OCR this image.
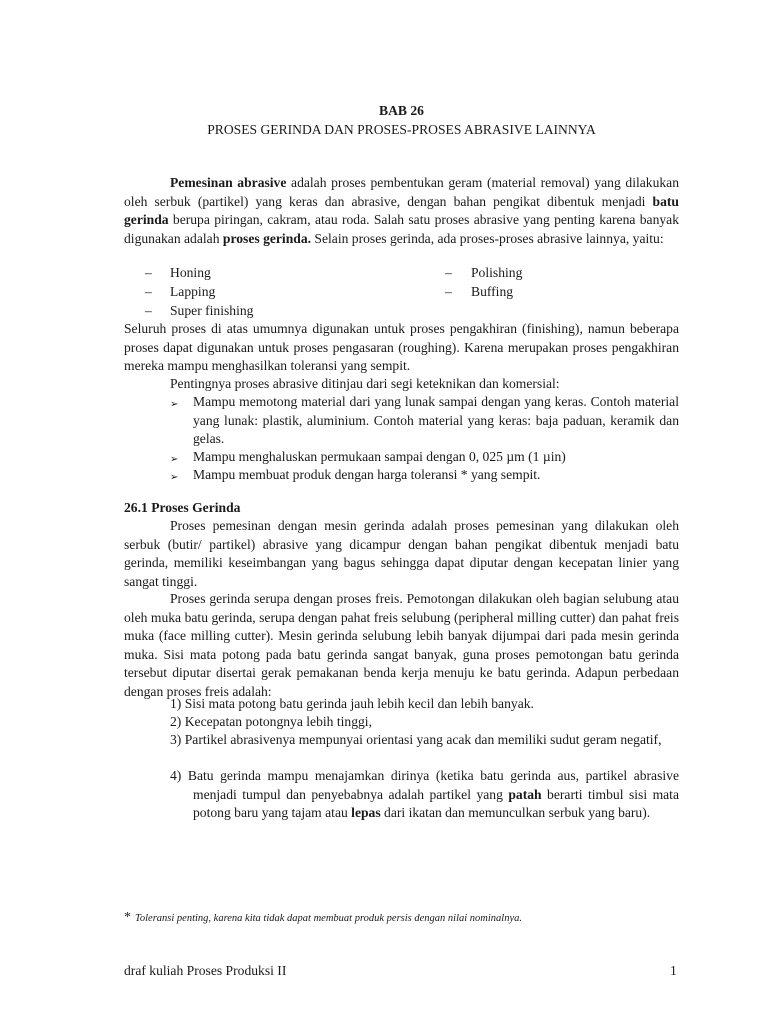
BAB 26
PROSES GERINDA DAN PROSES-PROSES ABRASIVE LAINNYA
Pemesinan abrasive adalah proses pembentukan geram (material removal) yang dilakukan oleh serbuk (partikel) yang keras dan abrasive, dengan bahan pengikat dibentuk menjadi batu gerinda berupa piringan, cakram, atau roda. Salah satu proses abrasive yang penting karena banyak digunakan adalah proses gerinda. Selain proses gerinda, ada proses-proses abrasive lainnya, yaitu:
– Honing	– Polishing
– Lapping	– Buffing
– Super finishing
Seluruh proses di atas umumnya digunakan untuk proses pengakhiran (finishing), namun beberapa proses dapat digunakan untuk proses pengasaran (roughing). Karena merupakan proses pengakhiran mereka mampu menghasilkan toleransi yang sempit.
Pentingnya proses abrasive ditinjau dari segi keteknikan dan komersial:
➢ Mampu memotong material dari yang lunak sampai dengan yang keras. Contoh material yang lunak: plastik, aluminium. Contoh material yang keras: baja paduan, keramik dan gelas.
➢ Mampu menghaluskan permukaan sampai dengan 0, 025 µm (1 µin)
➢ Mampu membuat produk dengan harga toleransi * yang sempit.
26.1 Proses Gerinda
Proses pemesinan dengan mesin gerinda adalah proses pemesinan yang dilakukan oleh serbuk (butir/ partikel) abrasive yang dicampur dengan bahan pengikat dibentuk menjadi batu gerinda, memiliki keseimbangan yang bagus sehingga dapat diputar dengan kecepatan linier yang sangat tinggi.
Proses gerinda serupa dengan proses freis. Pemotongan dilakukan oleh bagian selubung atau oleh muka batu gerinda, serupa dengan pahat freis selubung (peripheral milling cutter) dan pahat freis muka (face milling cutter). Mesin gerinda selubung lebih banyak dijumpai dari pada mesin gerinda muka. Sisi mata potong pada batu gerinda sangat banyak, guna proses pemotongan batu gerinda tersebut diputar disertai gerak pemakanan benda kerja menuju ke batu gerinda. Adapun perbedaan dengan proses freis adalah:
1) Sisi mata potong batu gerinda jauh lebih kecil dan lebih banyak.
2) Kecepatan potongnya lebih tinggi,
3) Partikel abrasivenya mempunyai orientasi yang acak dan memiliki sudut geram negatif,
4) Batu gerinda mampu menajamkan dirinya (ketika batu gerinda aus, partikel abrasive menjadi tumpul dan penyebabnya adalah partikel yang patah berarti timbul sisi mata potong baru yang tajam atau lepas dari ikatan dan memunculkan serbuk yang baru).
* Toleransi penting, karena kita tidak dapat membuat produk persis dengan nilai nominalnya.
draf kuliah Proses Produksi II	1
